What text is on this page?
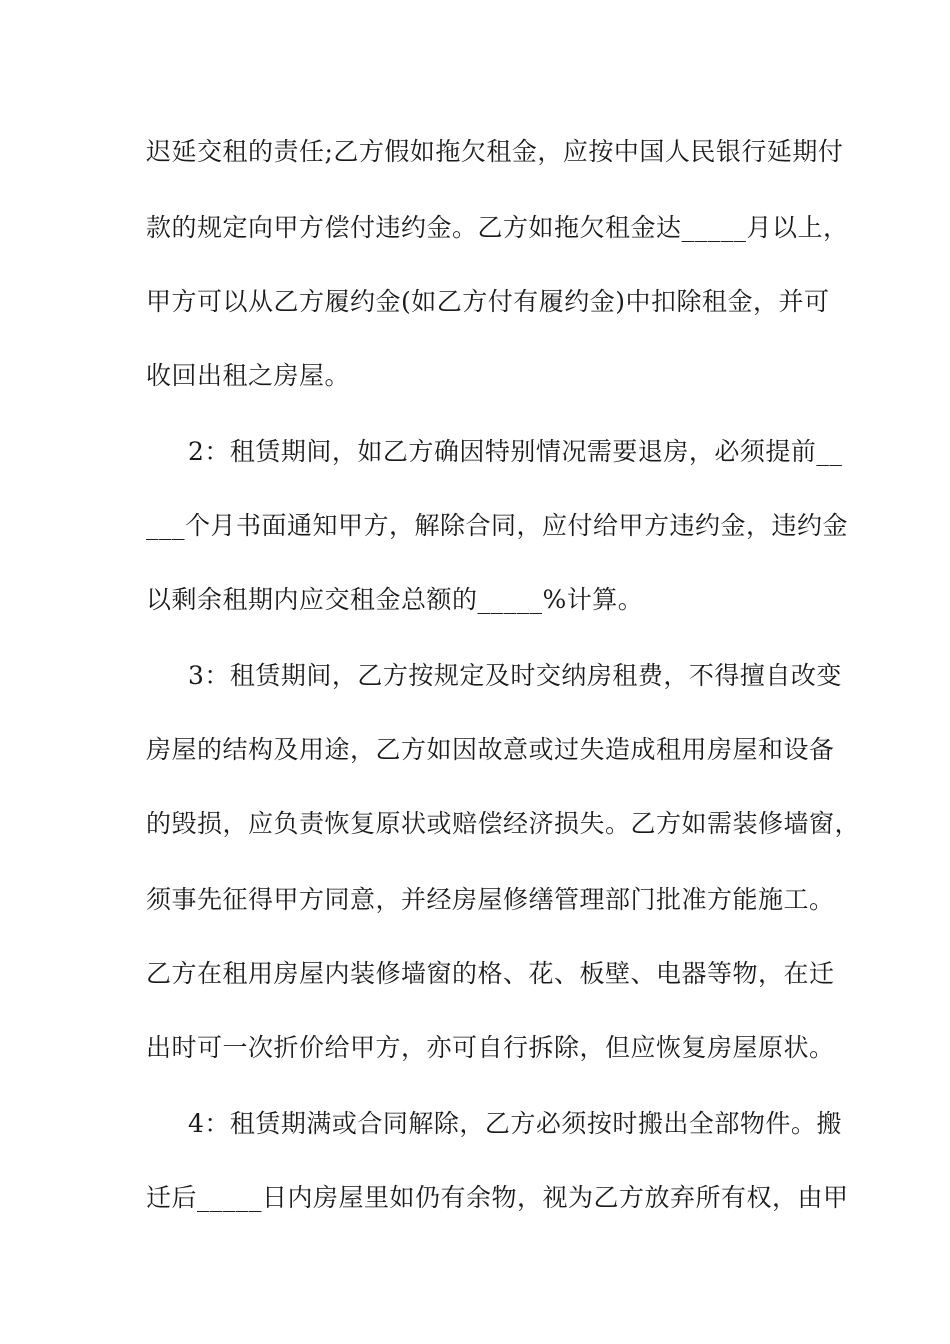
迟延交租的责任;乙方假如拖欠租金，应按中国人民银行延期付
款的规定向甲方偿付违约金。乙方如拖欠租金达_____月以上，
甲方可以从乙方履约金(如乙方付有履约金)中扣除租金，并可
收回出租之房屋。
2：租赁期间，如乙方确因特别情况需要退房，必须提前__
___个月书面通知甲方，解除合同，应付给甲方违约金，违约金
以剩余租期内应交租金总额的_____%计算。
3：租赁期间，乙方按规定及时交纳房租费，不得擅自改变
房屋的结构及用途，乙方如因故意或过失造成租用房屋和设备
的毁损，应负责恢复原状或赔偿经济损失。乙方如需装修墙窗，
须事先征得甲方同意，并经房屋修缮管理部门批准方能施工。
乙方在租用房屋内装修墙窗的格、花、板壁、电器等物，在迁
出时可一次折价给甲方，亦可自行拆除，但应恢复房屋原状。
4：租赁期满或合同解除，乙方必须按时搬出全部物件。搬
迁后_____日内房屋里如仍有余物，视为乙方放弃所有权，由甲
